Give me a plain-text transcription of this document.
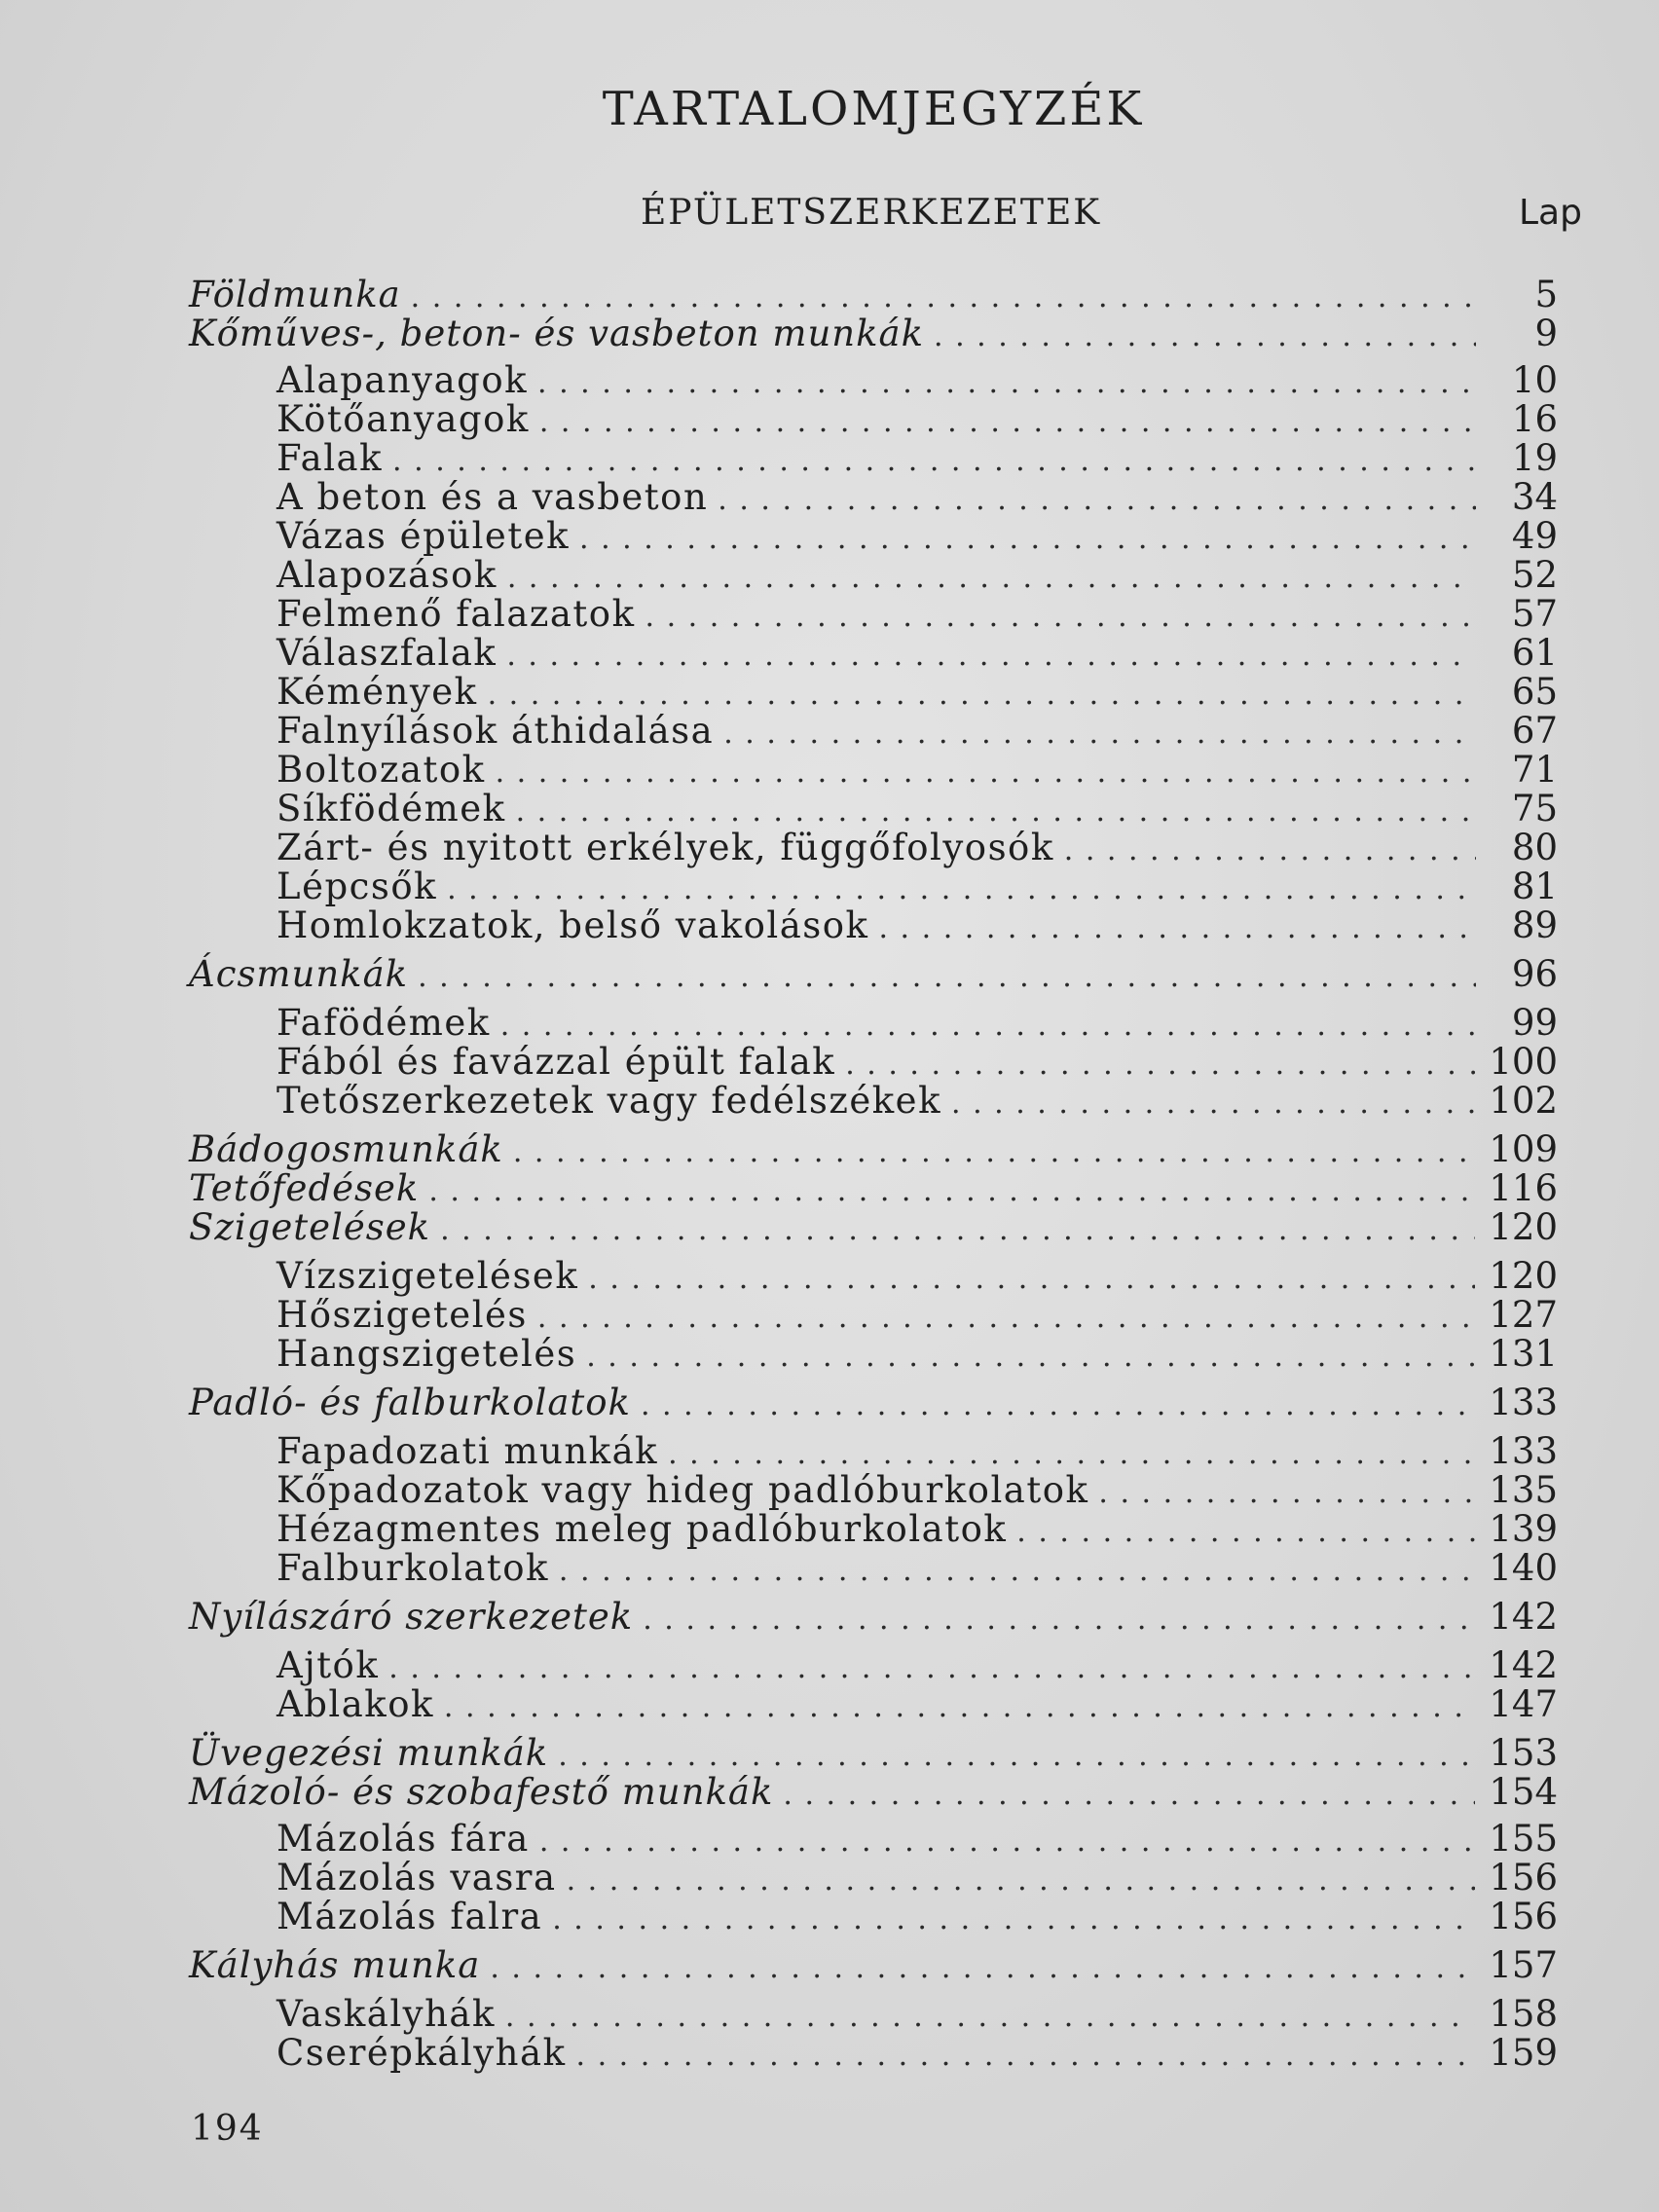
TARTALOMJEGYZÉK
ÉPÜLETSZERKEZETEK	Lap
Földmunka . . .	5
Kőműves-, beton- és vasbeton munkák . . .	9
Alapanyagok . . .	10
Kötőanyagok . . .	16
Falak . . .	19
A beton és a vasbeton . . .	34
Vázas épületek . . .	49
Alapozások . . .	52
Felmenő falazatok . . .	57
Válaszfalak . . .	61
Kémények . . .	65
Falnyílások áthidalása . . .	67
Boltozatok . . .	71
Síkfödémek . . .	75
Zárt- és nyitott erkélyek, függőfolyosók . . .	80
Lépcsők . . .	81
Homlokzatok, belső vakolások . . .	89
Ácsmunkák . . .	96
Fafödémek . . .	99
Fából és favázzal épült falak . . .	100
Tetőszerkezetek vagy fedélszékek . . .	102
Bádogosmunkák . . .	109
Tetőfedések . . .	116
Szigetelések . . .	120
Vízszigetelések . . .	120
Hőszigetelés . . .	127
Hangszigetelés . . .	131
Padló- és falburkolatok . . .	133
Fapadozati munkák . . .	133
Kőpadozatok vagy hideg padlóburkolatok . . .	135
Hézagmentes meleg padlóburkolatok . . .	139
Falburkolatok . . .	140
Nyílászáró szerkezetek . . .	142
Ajtók . . .	142
Ablakok . . .	147
Üvegezési munkák . . .	153
Mázoló- és szobafestő munkák . . .	154
Mázolás fára . . .	155
Mázolás vasra . . .	156
Mázolás falra . . .	156
Kályhás munka . . .	157
Vaskályhák . . .	158
Cserépkályhák . . .	159
194
